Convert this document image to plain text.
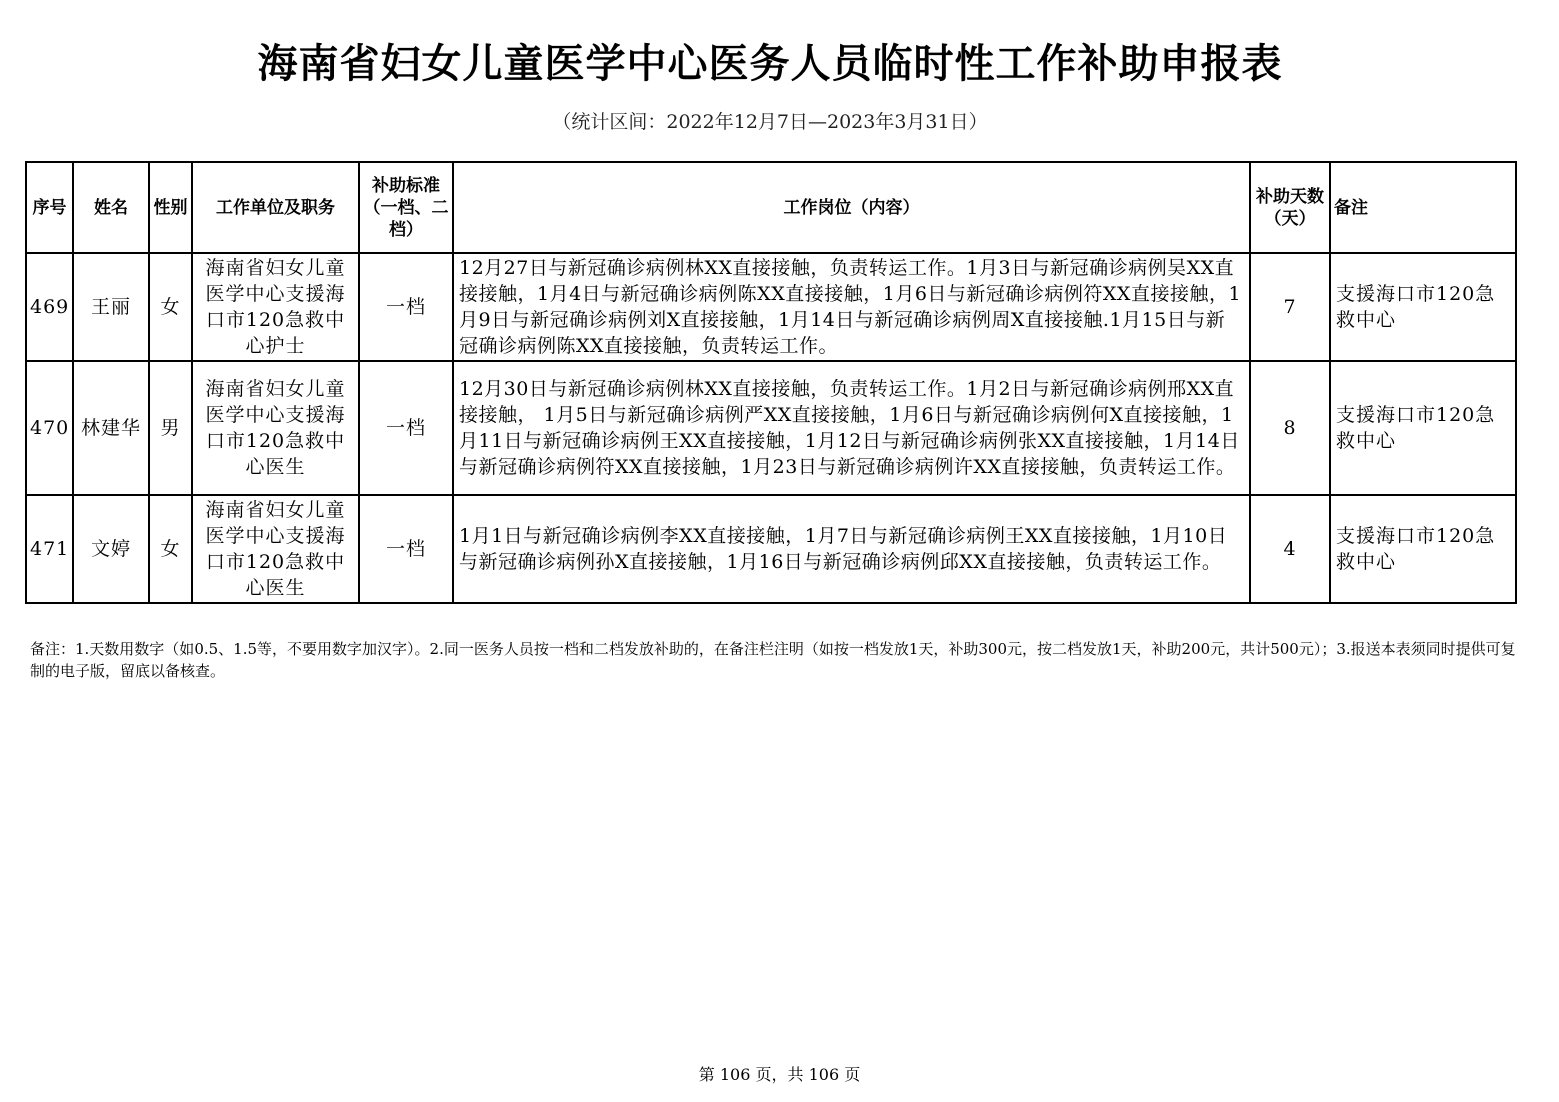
海南省妇女儿童医学中心医务人员临时性工作补助申报表
（统计区间：2022年12月7日—2023年3月31日）
序号	姓名	性别	工作单位及职务	补助标准（一档、二档）	工作岗位（内容）	补助天数（天）	备注
469	王丽	女	海南省妇女儿童医学中心支援海口市120急救中心护士	一档	12月27日与新冠确诊病例林XX直接接触，负责转运工作。1月3日与新冠确诊病例吴XX直接接触，1月4日与新冠确诊病例陈XX直接接触，1月6日与新冠确诊病例符XX直接接触，1月9日与新冠确诊病例刘X直接接触，1月14日与新冠确诊病例周X直接接触.1月15日与新冠确诊病例陈XX直接接触，负责转运工作。	7	支援海口市120急救中心
470	林建华	男	海南省妇女儿童医学中心支援海口市120急救中心医生	一档	12月30日与新冠确诊病例林XX直接接触，负责转运工作。1月2日与新冠确诊病例邢XX直接接触， 1月5日与新冠确诊病例严XX直接接触，1月6日与新冠确诊病例何X直接接触，1月11日与新冠确诊病例王XX直接接触，1月12日与新冠确诊病例张XX直接接触，1月14日与新冠确诊病例符XX直接接触，1月23日与新冠确诊病例许XX直接接触，负责转运工作。	8	支援海口市120急救中心
471	文婷	女	海南省妇女儿童医学中心支援海口市120急救中心医生	一档	1月1日与新冠确诊病例李XX直接接触，1月7日与新冠确诊病例王XX直接接触，1月10日与新冠确诊病例孙X直接接触，1月16日与新冠确诊病例邱XX直接接触，负责转运工作。	4	支援海口市120急救中心
备注：1.天数用数字（如0.5、1.5等，不要用数字加汉字）。2.同一医务人员按一档和二档发放补助的，在备注栏注明（如按一档发放1天，补助300元，按二档发放1天，补助200元，共计500元）；3.报送本表须同时提供可复制的电子版，留底以备核查。
第 106 页，共 106 页
